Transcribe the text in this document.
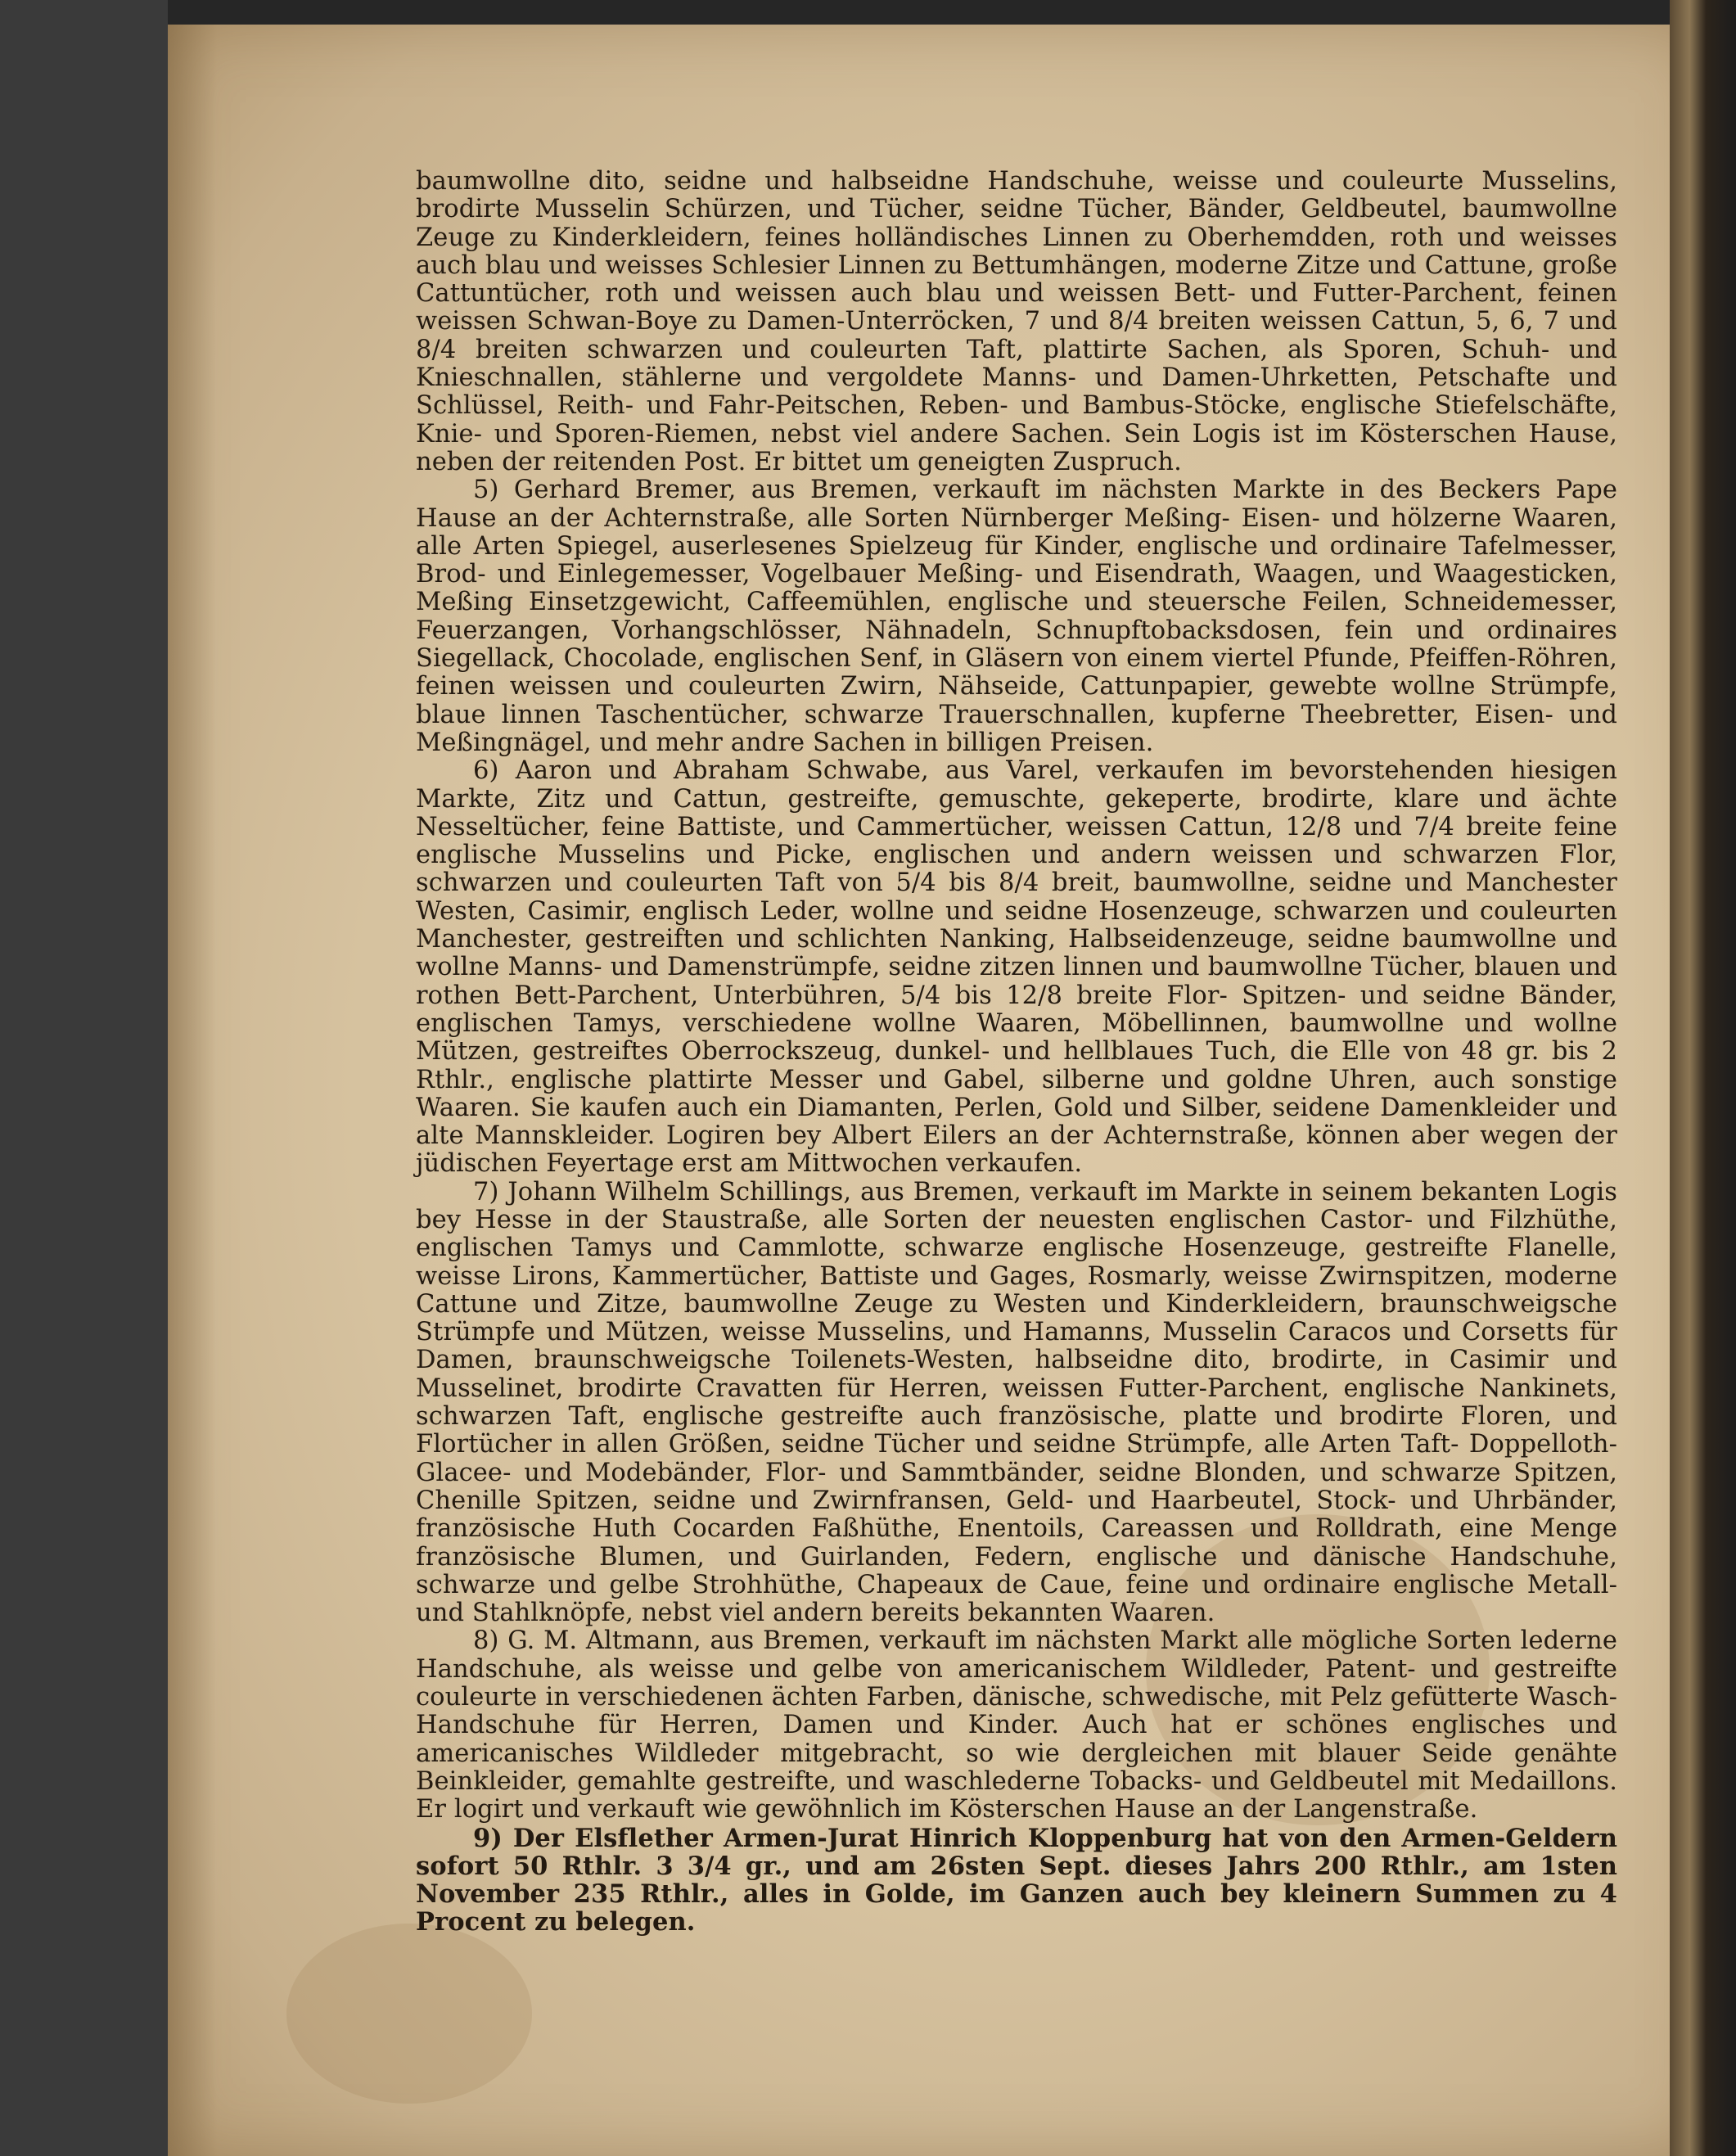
baumwollne dito, seidne und halbseidne Handschuhe, weisse und couleurte Musselins, brodirte Musselin Schürzen, und Tücher, seidne Tücher, Bänder, Geldbeutel, baumwollne Zeuge zu Kinderkleidern, feines holländisches Linnen zu Oberhemdden, roth und weisses auch blau und weisses Schlesier Linnen zu Bettumhängen, moderne Zitze und Cattune, große Cattuntücher, roth und weissen auch blau und weissen Bett- und Futter-Parchent, feinen weissen Schwan-Boye zu Damen-Unterröcken, 7 und 8/4 breiten weissen Cattun, 5, 6, 7 und 8/4 breiten schwarzen und couleurten Taft, plattirte Sachen, als Sporen, Schuh- und Knieschnallen, stählerne und vergoldete Manns- und Damen-Uhrketten, Petschafte und Schlüssel, Reith- und Fahr-Peitschen, Reben- und Bambus-Stöcke, englische Stiefelschäfte, Knie- und Sporen-Riemen, nebst viel andere Sachen. Sein Logis ist im Kösterschen Hause, neben der reitenden Post. Er bittet um geneigten Zuspruch.

5) Gerhard Bremer, aus Bremen, verkauft im nächsten Markte in des Beckers Pape Hause an der Achternstraße, alle Sorten Nürnberger Meßing- Eisen- und hölzerne Waaren, alle Arten Spiegel, auserlesenes Spielzeug für Kinder, englische und ordinaire Tafelmesser, Brod- und Einlegemesser, Vogelbauer Meßing- und Eisendrath, Waagen, und Waagesticken, Meßing Einsetzgewicht, Caffeemühlen, englische und steuersche Feilen, Schneidemesser, Feuerzangen, Vorhangschlösser, Nähnadeln, Schnupftobacksdosen, fein und ordinaires Siegellack, Chocolade, englischen Senf, in Gläsern von einem viertel Pfunde, Pfeiffen-Röhren, feinen weissen und couleurten Zwirn, Nähseide, Cattunpapier, gewebte wollne Strümpfe, blaue linnen Taschentücher, schwarze Trauerschnallen, kupferne Theebretter, Eisen- und Meßingnägel, und mehr andre Sachen in billigen Preisen.

6) Aaron und Abraham Schwabe, aus Varel, verkaufen im bevorstehenden hiesigen Markte, Zitz und Cattun, gestreifte, gemuschte, gekeperte, brodirte, klare und ächte Nesseltücher, feine Battiste, und Cammertücher, weissen Cattun, 12/8 und 7/4 breite feine englische Musselins und Picke, englischen und andern weissen und schwarzen Flor, schwarzen und couleurten Taft von 5/4 bis 8/4 breit, baumwollne, seidne und Manchester Westen, Casimir, englisch Leder, wollne und seidne Hosenzeuge, schwarzen und couleurten Manchester, gestreiften und schlichten Nanking, Halbseidenzeuge, seidne baumwollne und wollne Manns- und Damenstrümpfe, seidne zitzen linnen und baumwollne Tücher, blauen und rothen Bett-Parchent, Unterbühren, 5/4 bis 12/8 breite Flor- Spitzen- und seidne Bänder, englischen Tamys, verschiedene wollne Waaren, Möbellinnen, baumwollne und wollne Mützen, gestreiftes Oberrockszeug, dunkel- und hellblaues Tuch, die Elle von 48 gr. bis 2 Rthlr., englische plattirte Messer und Gabel, silberne und goldne Uhren, auch sonstige Waaren. Sie kaufen auch ein Diamanten, Perlen, Gold und Silber, seidene Damenkleider und alte Mannskleider. Logiren bey Albert Eilers an der Achternstraße, können aber wegen der jüdischen Feyertage erst am Mittwochen verkaufen.

7) Johann Wilhelm Schillings, aus Bremen, verkauft im Markte in seinem bekanten Logis bey Hesse in der Staustraße, alle Sorten der neuesten englischen Castor- und Filzhüthe, englischen Tamys und Cammlotte, schwarze englische Hosenzeuge, gestreifte Flanelle, weisse Lirons, Kammertücher, Battiste und Gages, Rosmarly, weisse Zwirnspitzen, moderne Cattune und Zitze, baumwollne Zeuge zu Westen und Kinderkleidern, braunschweigsche Strümpfe und Mützen, weisse Musselins, und Hamanns, Musselin Caracos und Corsetts für Damen, braunschweigsche Toilenets-Westen, halbseidne dito, brodirte, in Casimir und Musselinet, brodirte Cravatten für Herren, weissen Futter-Parchent, englische Nankinets, schwarzen Taft, englische gestreifte auch französische, platte und brodirte Floren, und Flortücher in allen Größen, seidne Tücher und seidne Strümpfe, alle Arten Taft- Doppelloth- Glacee- und Modebänder, Flor- und Sammtbänder, seidne Blonden, und schwarze Spitzen, Chenille Spitzen, seidne und Zwirnfransen, Geld- und Haarbeutel, Stock- und Uhrbänder, französische Huth Cocarden Faßhüthe, Enentoils, Careassen und Rolldrath, eine Menge französische Blumen, und Guirlanden, Federn, englische und dänische Handschuhe, schwarze und gelbe Strohhüthe, Chapeaux de Caue, feine und ordinaire englische Metall- und Stahlknöpfe, nebst viel andern bereits bekannten Waaren.

8) G. M. Altmann, aus Bremen, verkauft im nächsten Markt alle mögliche Sorten lederne Handschuhe, als weisse und gelbe von americanischem Wildleder, Patent- und gestreifte couleurte in verschiedenen ächten Farben, dänische, schwedische, mit Pelz gefütterte Wasch-Handschuhe für Herren, Damen und Kinder. Auch hat er schönes englisches und americanisches Wildleder mitgebracht, so wie dergleichen mit blauer Seide genähte Beinkleider, gemahlte gestreifte, und waschlederne Tobacks- und Geldbeutel mit Medaillons. Er logirt und verkauft wie gewöhnlich im Kösterschen Hause an der Langenstraße.

9) Der Elsflether Armen-Jurat Hinrich Kloppenburg hat von den Armen-Geldern sofort 50 Rthlr. 3 3/4 gr., und am 26sten Sept. dieses Jahrs 200 Rthlr., am 1sten November 235 Rthlr., alles in Golde, im Ganzen auch bey kleinern Summen zu 4 Procent zu belegen.
